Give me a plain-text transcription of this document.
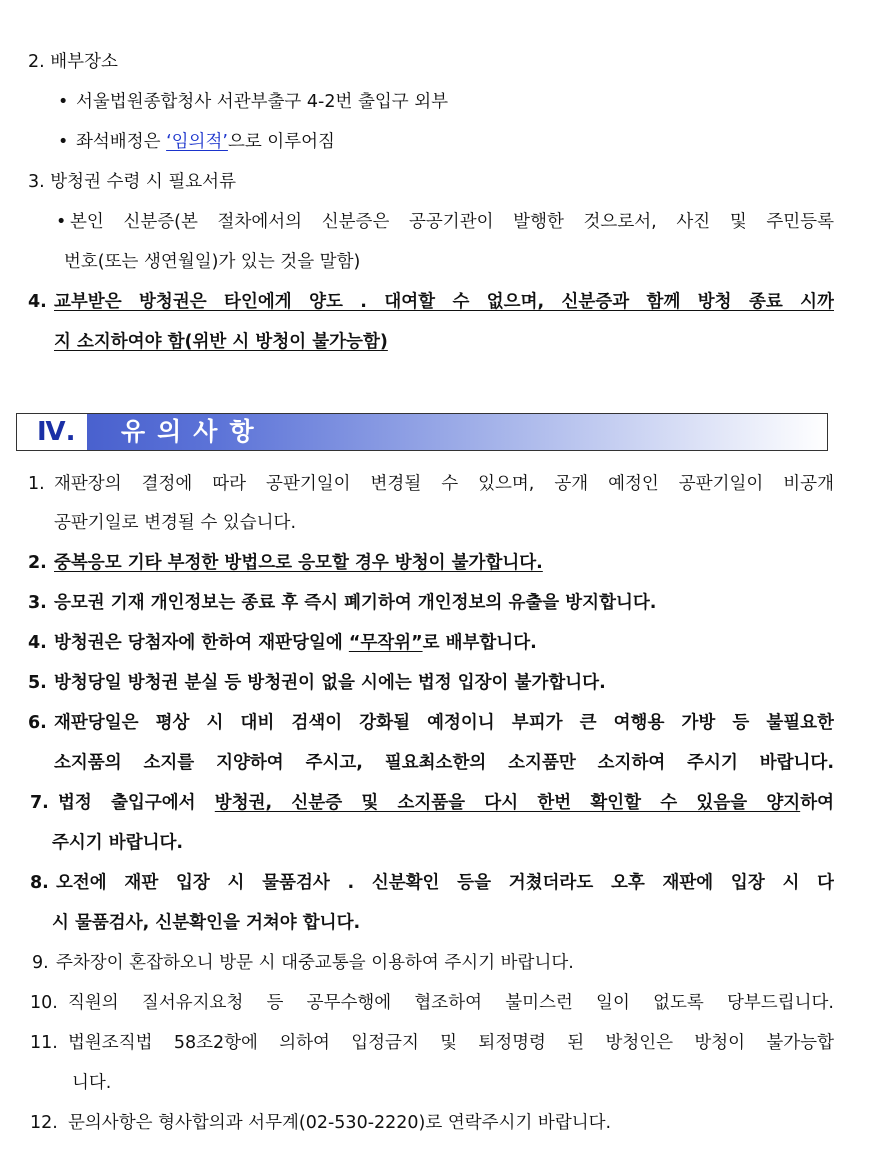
2. 배부장소
• 서울법원종합청사 서관부출구 4-2번 출입구 외부
• 좌석배정은 ‘임의적’으로 이루어짐
3. 방청권 수령 시 필요서류
• 본인 신분증(본 절차에서의 신분증은 공공기관이 발행한 것으로서, 사진 및 주민등록
번호(또는 생연월일)가 있는 것을 말함)
4. 교부받은 방청권은 타인에게 양도 . 대여할 수 없으며, 신분증과 함께 방청 종료 시까
지 소지하여야 함(위반 시 방청이 불가능함)
Ⅳ.	유의사항
1. 재판장의 결정에 따라 공판기일이 변경될 수 있으며, 공개 예정인 공판기일이 비공개
공판기일로 변경될 수 있습니다.
2. 중복응모 기타 부정한 방법으로 응모할 경우 방청이 불가합니다.
3. 응모권 기재 개인정보는 종료 후 즉시 폐기하여 개인정보의 유출을 방지합니다.
4. 방청권은 당첨자에 한하여 재판당일에 “무작위”로 배부합니다.
5. 방청당일 방청권 분실 등 방청권이 없을 시에는 법정 입장이 불가합니다.
6. 재판당일은 평상 시 대비 검색이 강화될 예정이니 부피가 큰 여행용 가방 등 불필요한
소지품의 소지를 지양하여 주시고, 필요최소한의 소지품만 소지하여 주시기 바랍니다.
7. 법정 출입구에서 방청권, 신분증 및 소지품을 다시 한번 확인할 수 있음을 양지하여
주시기 바랍니다.
8. 오전에 재판 입장 시 물품검사 . 신분확인 등을 거쳤더라도 오후 재판에 입장 시 다
시 물품검사, 신분확인을 거쳐야 합니다.
9. 주차장이 혼잡하오니 방문 시 대중교통을 이용하여 주시기 바랍니다.
10. 직원의 질서유지요청 등 공무수행에 협조하여 불미스런 일이 없도록 당부드립니다.
11. 법원조직법 58조2항에 의하여 입정금지 및 퇴정명령 된 방청인은 방청이 불가능합
니다.
12. 문의사항은 형사합의과 서무계(02-530-2220)로 연락주시기 바랍니다.
